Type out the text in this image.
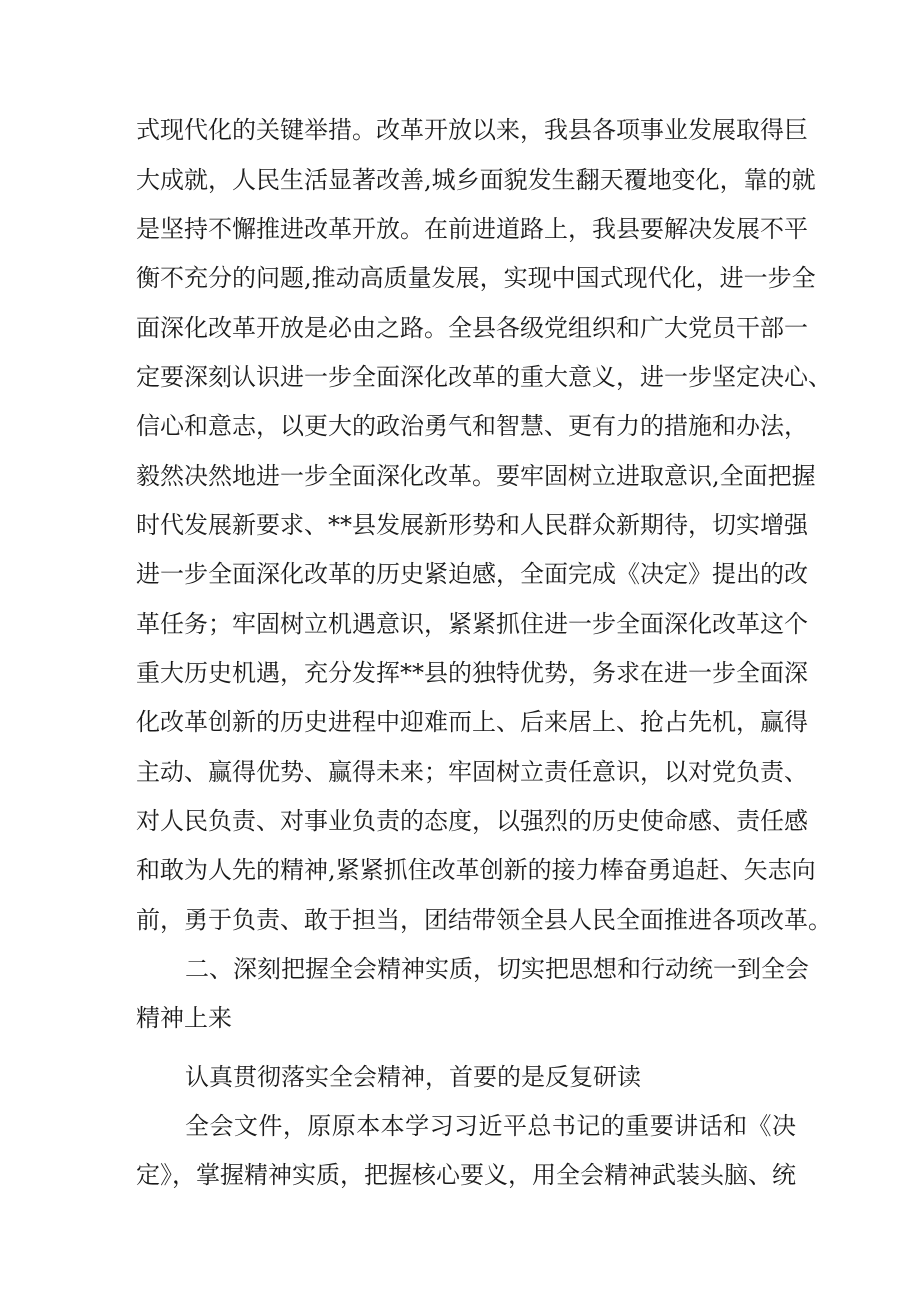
式现代化的关键举措。改革开放以来，我县各项事业发展取得巨
大成就，人民生活显著改善,城乡面貌发生翻天覆地变化，靠的就
是坚持不懈推进改革开放。在前进道路上，我县要解决发展不平
衡不充分的问题,推动高质量发展，实现中国式现代化，进一步全
面深化改革开放是必由之路。全县各级党组织和广大党员干部一
定要深刻认识进一步全面深化改革的重大意义，进一步坚定决心、
信心和意志，以更大的政治勇气和智慧、更有力的措施和办法，
毅然决然地进一步全面深化改革。要牢固树立进取意识,全面把握
时代发展新要求、**县发展新形势和人民群众新期待，切实增强
进一步全面深化改革的历史紧迫感，全面完成《决定》提出的改
革任务；牢固树立机遇意识，紧紧抓住进一步全面深化改革这个
重大历史机遇，充分发挥**县的独特优势，务求在进一步全面深
化改革创新的历史进程中迎难而上、后来居上、抢占先机，赢得
主动、赢得优势、赢得未来；牢固树立责任意识，以对党负责、
对人民负责、对事业负责的态度，以强烈的历史使命感、责任感
和敢为人先的精神,紧紧抓住改革创新的接力棒奋勇追赶、矢志向
前，勇于负责、敢于担当，团结带领全县人民全面推进各项改革。
二、深刻把握全会精神实质，切实把思想和行动统一到全会
精神上来
认真贯彻落实全会精神，首要的是反复研读
全会文件，原原本本学习习近平总书记的重要讲话和《决
定》，掌握精神实质，把握核心要义，用全会精神武装头脑、统
